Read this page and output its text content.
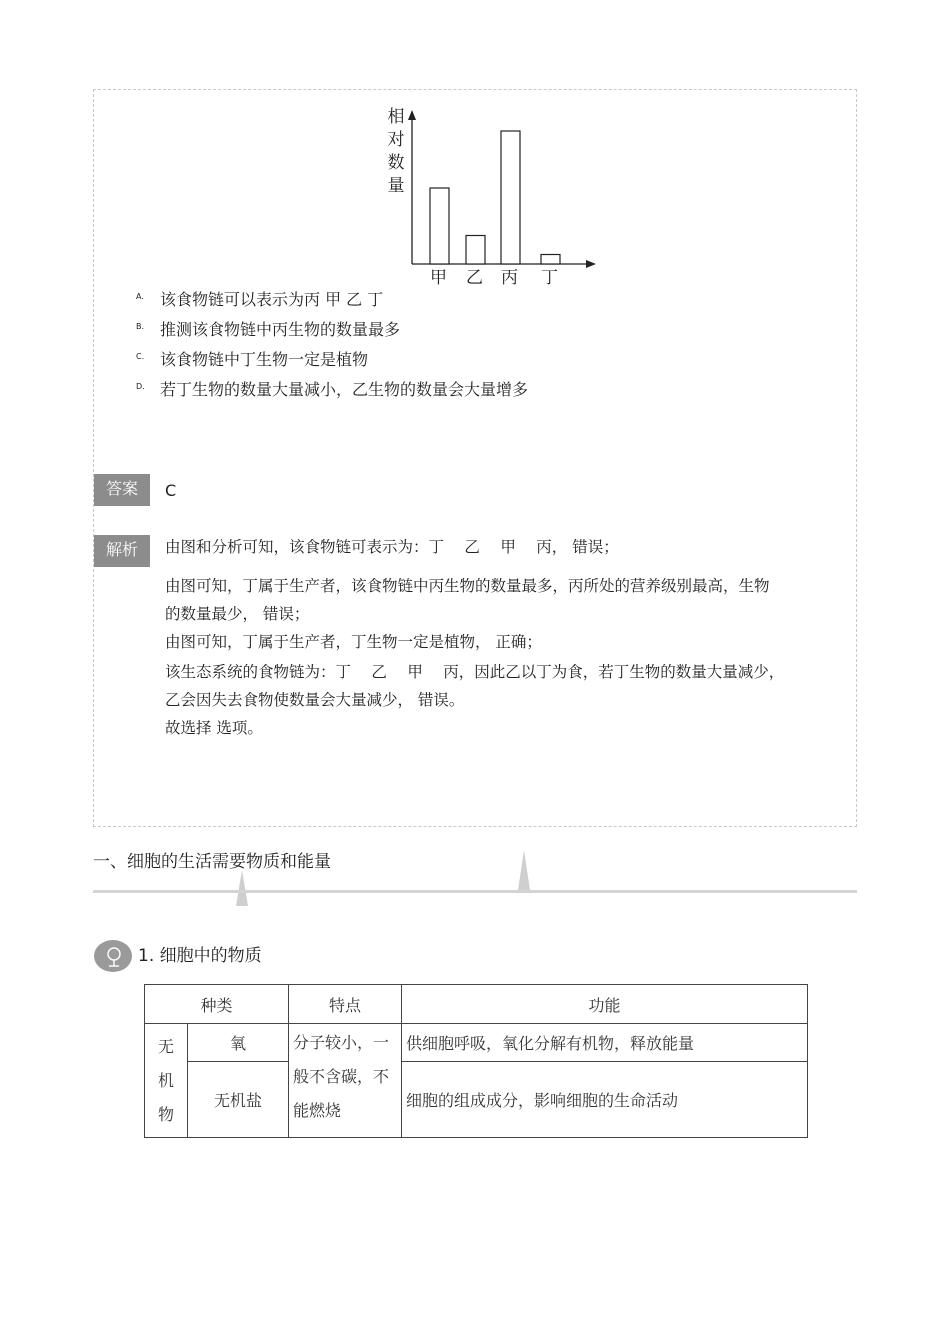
相
对
数
量
甲 乙 丙 丁
A. 该食物链可以表示为丙 甲 乙 丁
B. 推测该食物链中丙生物的数量最多
C. 该食物链中丁生物一定是植物
D. 若丁生物的数量大量减小，乙生物的数量会大量增多
答案	C
解析	由图和分析可知，该食物链可表示为：丁　 乙　 甲　 丙， 错误；
由图可知，丁属于生产者，该食物链中丙生物的数量最多，丙所处的营养级别最高，生物
的数量最少， 错误；
由图可知，丁属于生产者，丁生物一定是植物， 正确；
该生态系统的食物链为：丁　 乙　 甲　 丙，因此乙以丁为食，若丁生物的数量大量减少，
乙会因失去食物使数量会大量减少， 错误。
故选择 选项。
一、细胞的生活需要物质和能量
1. 细胞中的物质
种类		特点	功能

无机物	氧	分子较小，一般不含碳，不能燃烧	供细胞呼吸，氧化分解有机物，释放能量
	无机盐		细胞的组成成分，影响细胞的生命活动
